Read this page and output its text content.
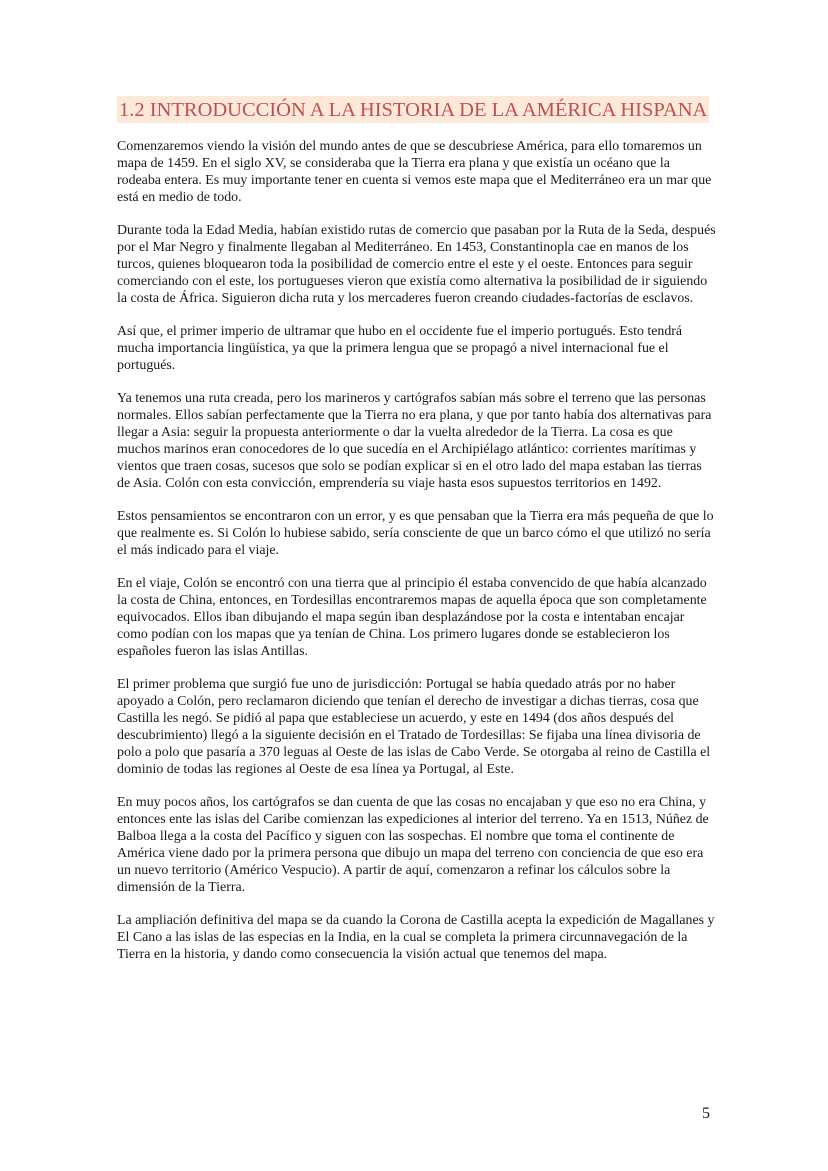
1.2 INTRODUCCIÓN A LA HISTORIA DE LA AMÉRICA HISPANA

Comenzaremos viendo la visión del mundo antes de que se descubriese América, para ello tomaremos un mapa de 1459. En el siglo XV, se consideraba que la Tierra era plana y que existía un océano que la rodeaba entera. Es muy importante tener en cuenta si vemos este mapa que el Mediterráneo era un mar que está en medio de todo.

Durante toda la Edad Media, habían existido rutas de comercio que pasaban por la Ruta de la Seda, después por el Mar Negro y finalmente llegaban al Mediterráneo. En 1453, Constantinopla cae en manos de los turcos, quienes bloquearon toda la posibilidad de comercio entre el este y el oeste. Entonces para seguir comerciando con el este, los portugueses vieron que existía como alternativa la posibilidad de ir siguiendo la costa de África. Siguieron dicha ruta y los mercaderes fueron creando ciudades-factorías de esclavos.

Así que, el primer imperio de ultramar que hubo en el occidente fue el imperio portugués. Esto tendrá mucha importancia lingüística, ya que la primera lengua que se propagó a nivel internacional fue el portugués.

Ya tenemos una ruta creada, pero los marineros y cartógrafos sabían más sobre el terreno que las personas normales. Ellos sabían perfectamente que la Tierra no era plana, y que por tanto había dos alternativas para llegar a Asia: seguir la propuesta anteriormente o dar la vuelta alrededor de la Tierra. La cosa es que muchos marinos eran conocedores de lo que sucedía en el Archipiélago atlántico: corrientes marítimas y vientos que traen cosas, sucesos que solo se podían explicar si en el otro lado del mapa estaban las tierras de Asia. Colón con esta convicción, emprendería su viaje hasta esos supuestos territorios en 1492.

Estos pensamientos se encontraron con un error, y es que pensaban que la Tierra era más pequeña de que lo que realmente es. Si Colón lo hubiese sabido, sería consciente de que un barco cómo el que utilizó no sería el más indicado para el viaje.

En el viaje, Colón se encontró con una tierra que al principio él estaba convencido de que había alcanzado la costa de China, entonces, en Tordesillas encontraremos mapas de aquella época que son completamente equivocados. Ellos iban dibujando el mapa según iban desplazándose por la costa e intentaban encajar como podían con los mapas que ya tenían de China. Los primero lugares donde se establecieron los españoles fueron las islas Antillas.

El primer problema que surgió fue uno de jurisdicción: Portugal se había quedado atrás por no haber apoyado a Colón, pero reclamaron diciendo que tenían el derecho de investigar a dichas tierras, cosa que Castilla les negó. Se pidió al papa que estableciese un acuerdo, y este en 1494 (dos años después del descubrimiento) llegó a la siguiente decisión en el Tratado de Tordesillas: Se fijaba una línea divisoria de polo a polo que pasaría a 370 leguas al Oeste de las islas de Cabo Verde. Se otorgaba al reino de Castilla el dominio de todas las regiones al Oeste de esa línea ya Portugal, al Este.

En muy pocos años, los cartógrafos se dan cuenta de que las cosas no encajaban y que eso no era China, y entonces ente las islas del Caribe comienzan las expediciones al interior del terreno. Ya en 1513, Núñez de Balboa llega a la costa del Pacífico y siguen con las sospechas. El nombre que toma el continente de América viene dado por la primera persona que dibujo un mapa del terreno con conciencia de que eso era un nuevo territorio (Américo Vespucio). A partir de aquí, comenzaron a refinar los cálculos sobre la dimensión de la Tierra.

La ampliación definitiva del mapa se da cuando la Corona de Castilla acepta la expedición de Magallanes y El Cano a las islas de las especias en la India, en la cual se completa la primera circunnavegación de la Tierra en la historia, y dando como consecuencia la visión actual que tenemos del mapa.

5
